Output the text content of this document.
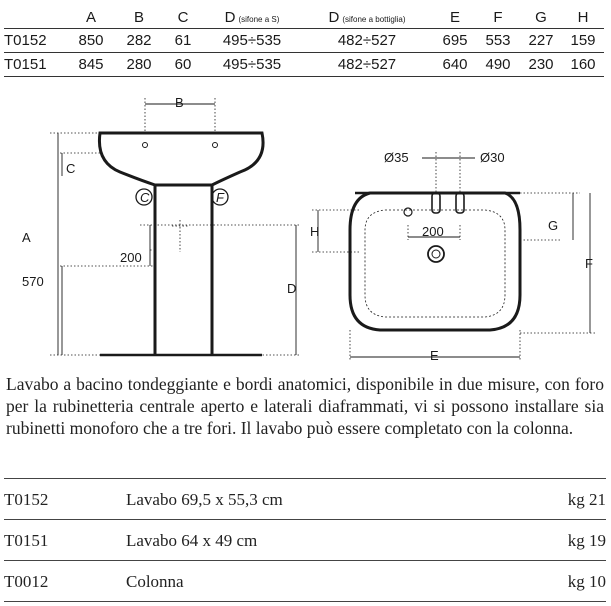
	A	B	C	D (sifone a S)	D (sifone a bottiglia)	E	F	G	H
T0152	850	282	61	495÷535	482÷527	695	553	227	159
T0151	845	280	60	495÷535	482÷527	640	490	230	160
B
C
A
570
200
D
C	F
Ø35	Ø30
H	200	G
F
E

Lavabo a bacino tondeggiante e bordi anatomici, disponibile in due misure, con foro per la rubinetteria centrale aperto e laterali diaframmati, vi si possono installare sia rubinetti monoforo che a tre fori. Il lavabo può essere completato con la colonna.

T0152	Lavabo 69,5 x 55,3 cm	kg 21
T0151	Lavabo 64 x 49 cm	kg 19
T0012	Colonna	kg 10
